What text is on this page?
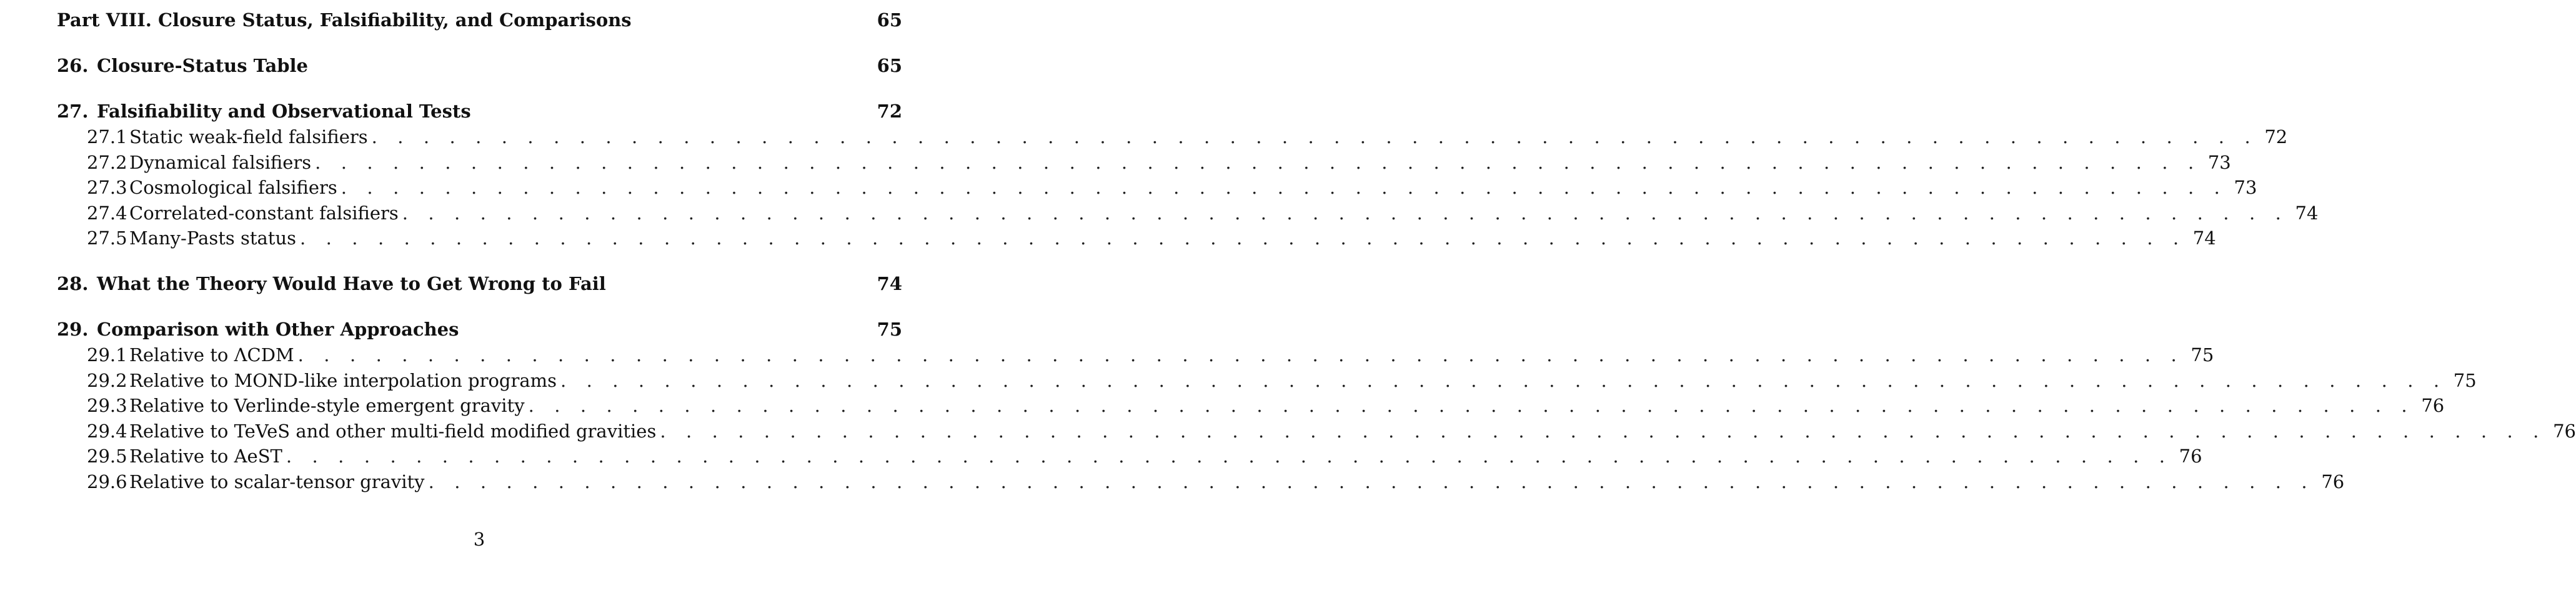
Part VIII. Closure Status, Falsifiability, and Comparisons	65
26. Closure-Status Table	65
27. Falsifiability and Observational Tests	72
27.1 Static weak-field falsifiers . . . . . . . . . . . . . . . . . . . . . . . . . . . . . . . . . . . . . . . . . . . . . . . . . . . . . . . . . . . . . . . . . . . . . . . . . 72
27.2 Dynamical falsifiers . . . . . . . . . . . . . . . . . . . . . . . . . . . . . . . . . . . . . . . . . . . . . . . . . . . . . . . . . . . . . . . . . . . . . . . . . 73
27.3 Cosmological falsifiers . . . . . . . . . . . . . . . . . . . . . . . . . . . . . . . . . . . . . . . . . . . . . . . . . . . . . . . . . . . . . . . . . . . . . . . . . 73
27.4 Correlated-constant falsifiers . . . . . . . . . . . . . . . . . . . . . . . . . . . . . . . . . . . . . . . . . . . . . . . . . . . . . . . . . . . . . . . . . . . . . . . . . 74
27.5 Many-Pasts status . . . . . . . . . . . . . . . . . . . . . . . . . . . . . . . . . . . . . . . . . . . . . . . . . . . . . . . . . . . . . . . . . . . . . . . . . 74
28. What the Theory Would Have to Get Wrong to Fail	74
29. Comparison with Other Approaches	75
29.1 Relative to ΛCDM . . . . . . . . . . . . . . . . . . . . . . . . . . . . . . . . . . . . . . . . . . . . . . . . . . . . . . . . . . . . . . . . . . . . . . . . . 75
29.2 Relative to MOND-like interpolation programs . . . . . . . . . . . . . . . . . . . . . . . . . . . . . . . . . . . . . . . . . . . . . . . . . . . . . . . . . . . . . . . . . . . . . . . . . 75
29.3 Relative to Verlinde-style emergent gravity . . . . . . . . . . . . . . . . . . . . . . . . . . . . . . . . . . . . . . . . . . . . . . . . . . . . . . . . . . . . . . . . . . . . . . . . . 76
29.4 Relative to TeVeS and other multi-field modified gravities . . . . . . . . . . . . . . . . . . . . . . . . . . . . . . . . . . . . . . . . . . . . . . . . . . . . . . . . . . . . . . . . . . . . . . . . . 76
29.5 Relative to AeST . . . . . . . . . . . . . . . . . . . . . . . . . . . . . . . . . . . . . . . . . . . . . . . . . . . . . . . . . . . . . . . . . . . . . . . . . 76
29.6 Relative to scalar-tensor gravity . . . . . . . . . . . . . . . . . . . . . . . . . . . . . . . . . . . . . . . . . . . . . . . . . . . . . . . . . . . . . . . . . . . . . . . . . 76
3
